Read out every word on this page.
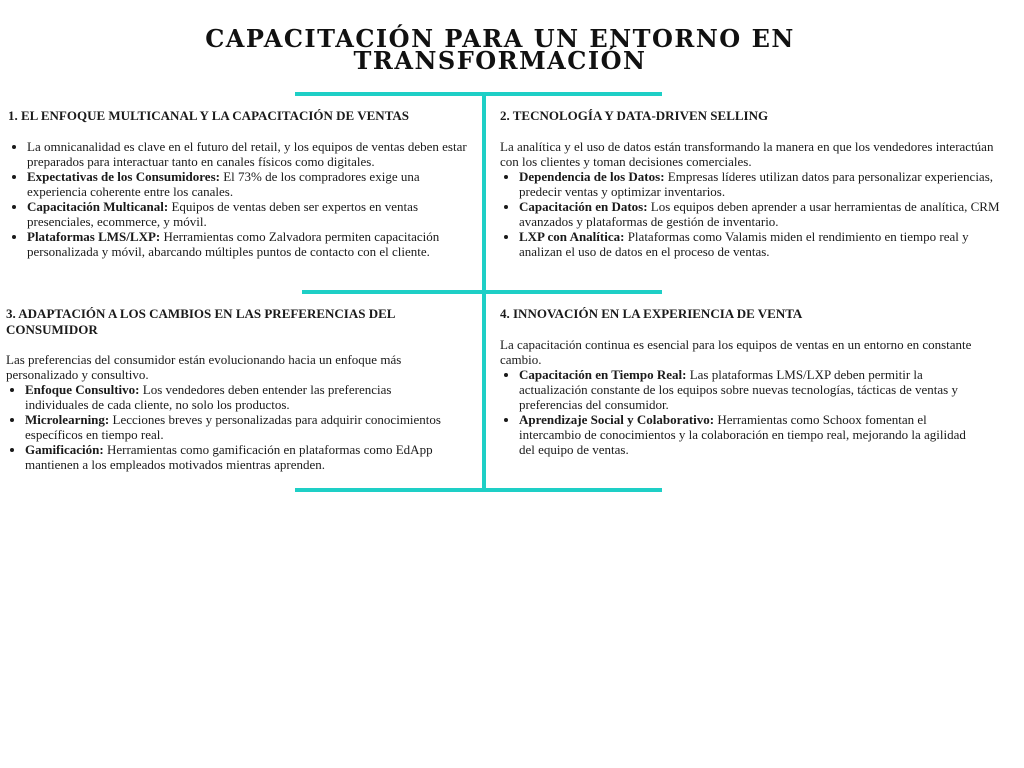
CAPACITACIÓN PARA UN ENTORNO EN
TRANSFORMACIÓN
1. EL ENFOQUE MULTICANAL Y LA CAPACITACIÓN DE VENTAS
• La omnicanalidad es clave en el futuro del retail, y los equipos de ventas deben estar preparados para interactuar tanto en canales físicos como digitales.
• Expectativas de los Consumidores: El 73% de los compradores exige una experiencia coherente entre los canales.
• Capacitación Multicanal: Equipos de ventas deben ser expertos en ventas presenciales, ecommerce, y móvil.
• Plataformas LMS/LXP: Herramientas como Zalvadora permiten capacitación personalizada y móvil, abarcando múltiples puntos de contacto con el cliente.
2. TECNOLOGÍA Y DATA-DRIVEN SELLING

La analítica y el uso de datos están transformando la manera en que los vendedores interactúan con los clientes y toman decisiones comerciales.

• Dependencia de los Datos: Empresas líderes utilizan datos para personalizar experiencias, predecir ventas y optimizar inventarios.
• Capacitación en Datos: Los equipos deben aprender a usar herramientas de analítica, CRM avanzados y plataformas de gestión de inventario.
• LXP con Analítica: Plataformas como Valamis miden el rendimiento en tiempo real y analizan el uso de datos en el proceso de ventas.
3. ADAPTACIÓN A LOS CAMBIOS EN LAS PREFERENCIAS DEL CONSUMIDOR

Las preferencias del consumidor están evolucionando hacia un enfoque más personalizado y consultivo.

• Enfoque Consultivo: Los vendedores deben entender las preferencias individuales de cada cliente, no solo los productos.
• Microlearning: Lecciones breves y personalizadas para adquirir conocimientos específicos en tiempo real.
• Gamificación: Herramientas como gamificación en plataformas como EdApp mantienen a los empleados motivados mientras aprenden.
4. INNOVACIÓN EN LA EXPERIENCIA DE VENTA

La capacitación continua es esencial para los equipos de ventas en un entorno en constante cambio.

• Capacitación en Tiempo Real: Las plataformas LMS/LXP deben permitir la actualización constante de los equipos sobre nuevas tecnologías, tácticas de ventas y preferencias del consumidor.
• Aprendizaje Social y Colaborativo: Herramientas como Schoox fomentan el intercambio de conocimientos y la colaboración en tiempo real, mejorando la agilidad del equipo de ventas.
